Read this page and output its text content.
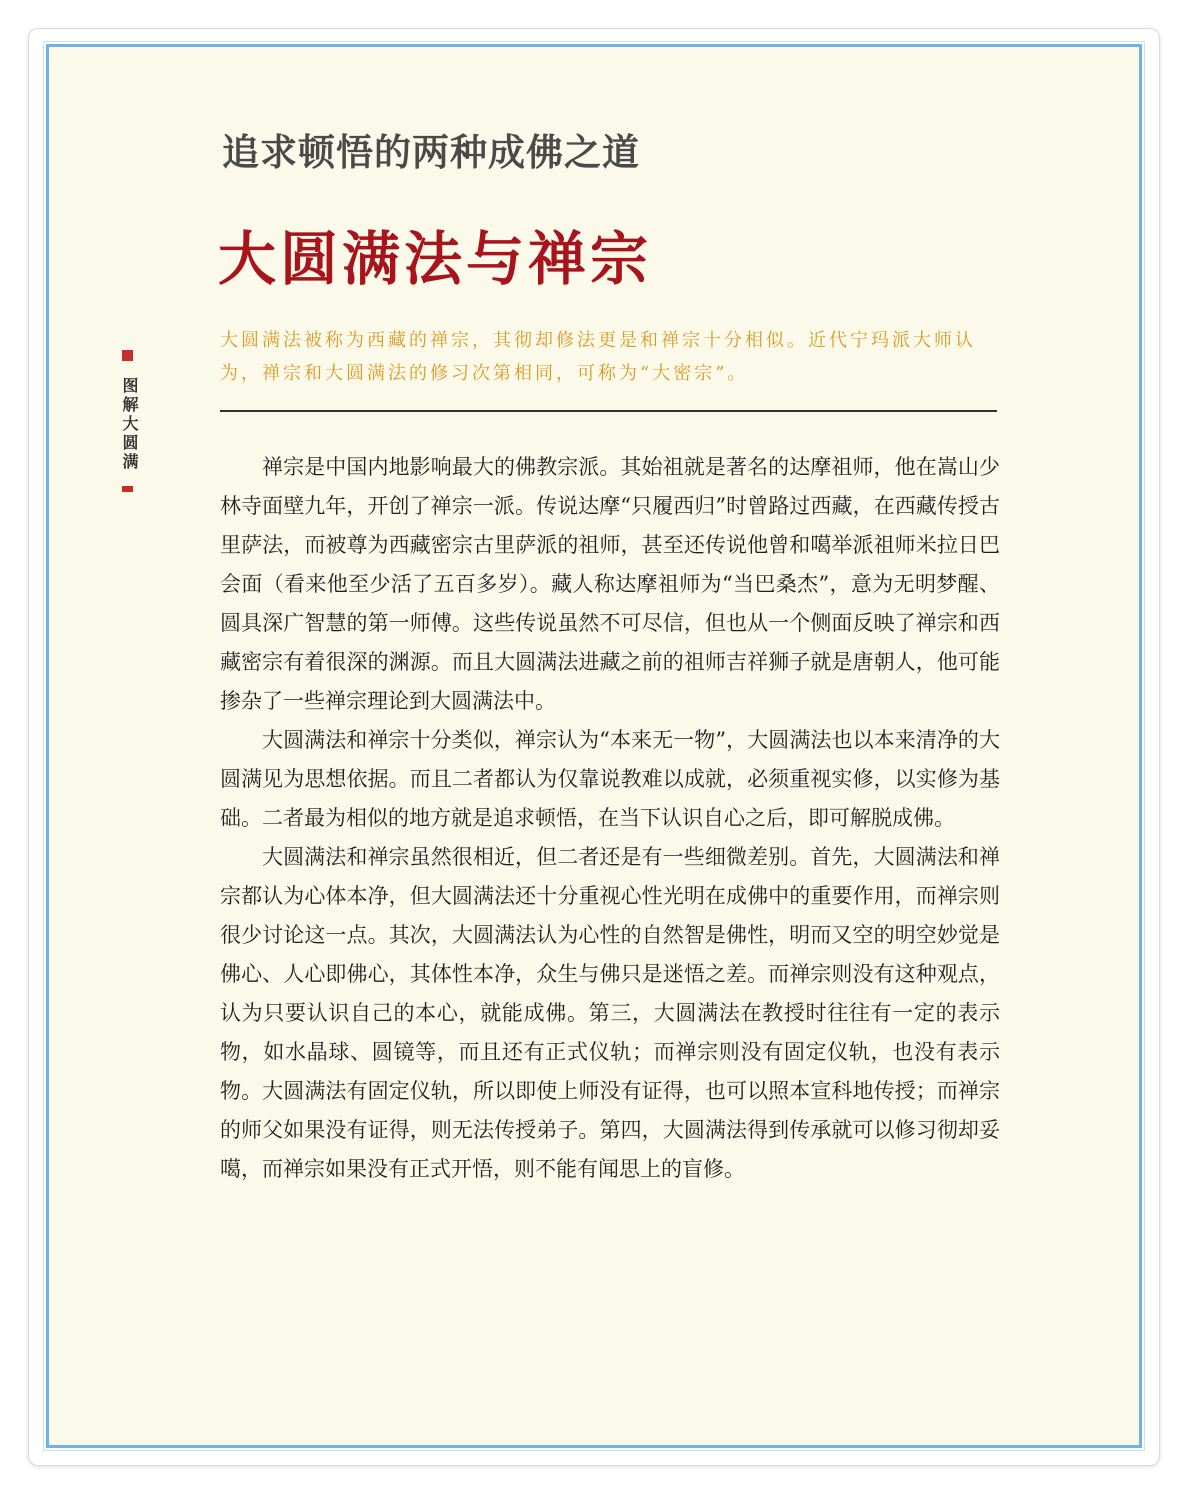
追求顿悟的两种成佛之道
大圆满法与禅宗

大圆满法被称为西藏的禅宗，其彻却修法更是和禅宗十分相似。近代宁玛派大师认为，禅宗和大圆满法的修习次第相同，可称为“大密宗”。

图解大圆满	禅宗是中国内地影响最大的佛教宗派。其始祖就是著名的达摩祖师，他在嵩山少林寺面壁九年，开创了禅宗一派。传说达摩“只履西归”时曾路过西藏，在西藏传授古里萨法，而被尊为西藏密宗古里萨派的祖师，甚至还传说他曾和噶举派祖师米拉日巴会面（看来他至少活了五百多岁）。藏人称达摩祖师为“当巴桑杰”，意为无明梦醒、圆具深广智慧的第一师傅。这些传说虽然不可尽信，但也从一个侧面反映了禅宗和西藏密宗有着很深的渊源。而且大圆满法进藏之前的祖师吉祥狮子就是唐朝人，他可能掺杂了一些禅宗理论到大圆满法中。

大圆满法和禅宗十分类似，禅宗认为“本来无一物”，大圆满法也以本来清净的大圆满见为思想依据。而且二者都认为仅靠说教难以成就，必须重视实修，以实修为基础。二者最为相似的地方就是追求顿悟，在当下认识自心之后，即可解脱成佛。

大圆满法和禅宗虽然很相近，但二者还是有一些细微差别。首先，大圆满法和禅宗都认为心体本净，但大圆满法还十分重视心性光明在成佛中的重要作用，而禅宗则很少讨论这一点。其次，大圆满法认为心性的自然智是佛性，明而又空的明空妙觉是佛心、人心即佛心，其体性本净，众生与佛只是迷悟之差。而禅宗则没有这种观点，认为只要认识自己的本心，就能成佛。第三，大圆满法在教授时往往有一定的表示物，如水晶球、圆镜等，而且还有正式仪轨；而禅宗则没有固定仪轨，也没有表示物。大圆满法有固定仪轨，所以即使上师没有证得，也可以照本宣科地传授；而禅宗的师父如果没有证得，则无法传授弟子。第四，大圆满法得到传承就可以修习彻却妥噶，而禅宗如果没有正式开悟，则不能有闻思上的盲修。
